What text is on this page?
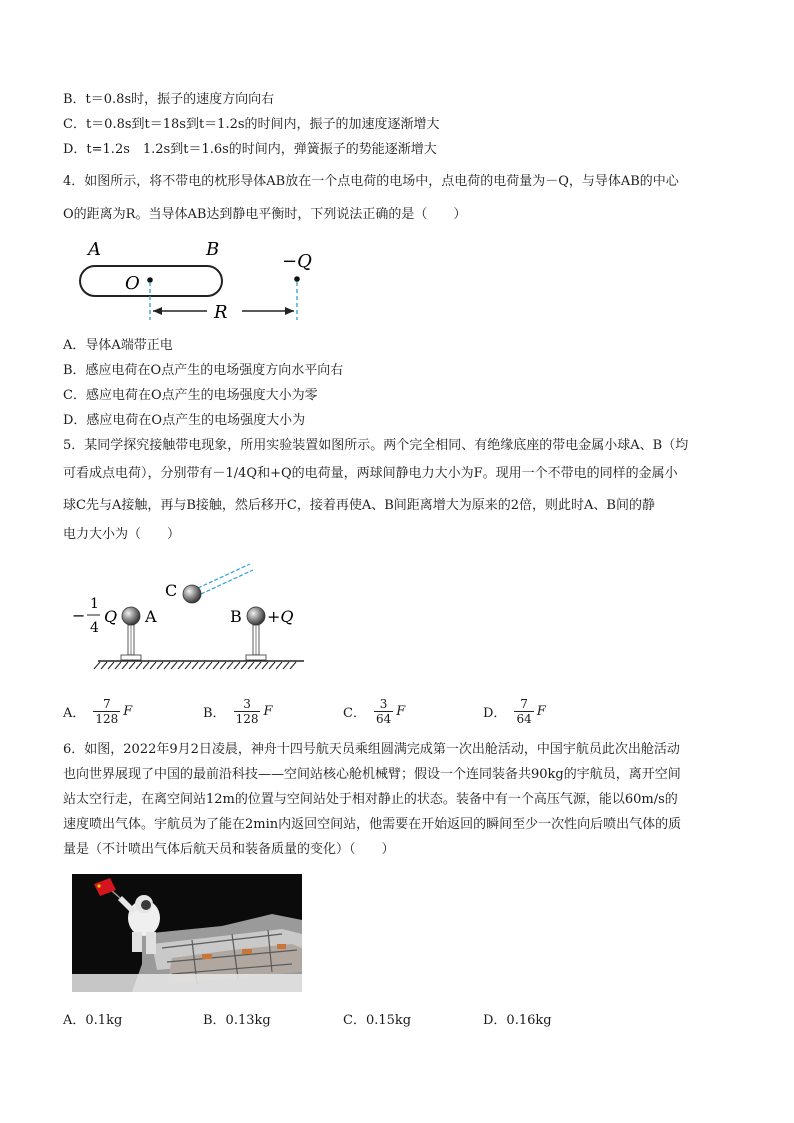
B．t＝0.8s时，振子的速度方向向右
C．t＝0.8s到t＝18s到t＝1.2s的时间内，振子的加速度逐渐增大
D．t=1.2s　1.2s到t＝1.6s的时间内，弹簧振子的势能逐渐增大
4．如图所示，将不带电的枕形导体AB放在一个点电荷的电场中，点电荷的电荷量为－Q，与导体AB的中心
O的距离为R。当导体AB达到静电平衡时，下列说法正确的是（　　）
A	B
O
−Q
R
A．导体A端带正电
B．感应电荷在O点产生的电场强度方向水平向右
C．感应电荷在O点产生的电场强度大小为零
D．感应电荷在O点产生的电场强度大小为
5．某同学探究接触带电现象，所用实验装置如图所示。两个完全相同、有绝缘底座的带电金属小球A、B（均
可看成点电荷），分别带有－1/4Q和+Q的电荷量，两球间静电力大小为F。现用一个不带电的同样的金属小
球C先与A接触，再与B接触，然后移开C，接着再使A、B间距离增大为原来的2倍，则此时A、B间的静
电力大小为（　　）
C
−
1
4
Q A	B +Q
A． $\frac{7}{128}$ F	B． $\frac{3}{128}$ F	C． $\frac{3}{64}$ F	D． $\frac{7}{64}$ F
6．如图，2022年9月2日凌晨，神舟十四号航天员乘组圆满完成第一次出舱活动，中国宇航员此次出舱活动
也向世界展现了中国的最前沿科技——空间站核心舱机械臂；假设一个连同装备共90kg的宇航员，离开空间
站太空行走，在离空间站12m的位置与空间站处于相对静止的状态。装备中有一个高压气源，能以60m/s的
速度喷出气体。宇航员为了能在2min内返回空间站，他需要在开始返回的瞬间至少一次性向后喷出气体的质
量是（不计喷出气体后航天员和装备质量的变化）（　　）
A．0.1kg	B．0.13kg	C．0.15kg	D．0.16kg
